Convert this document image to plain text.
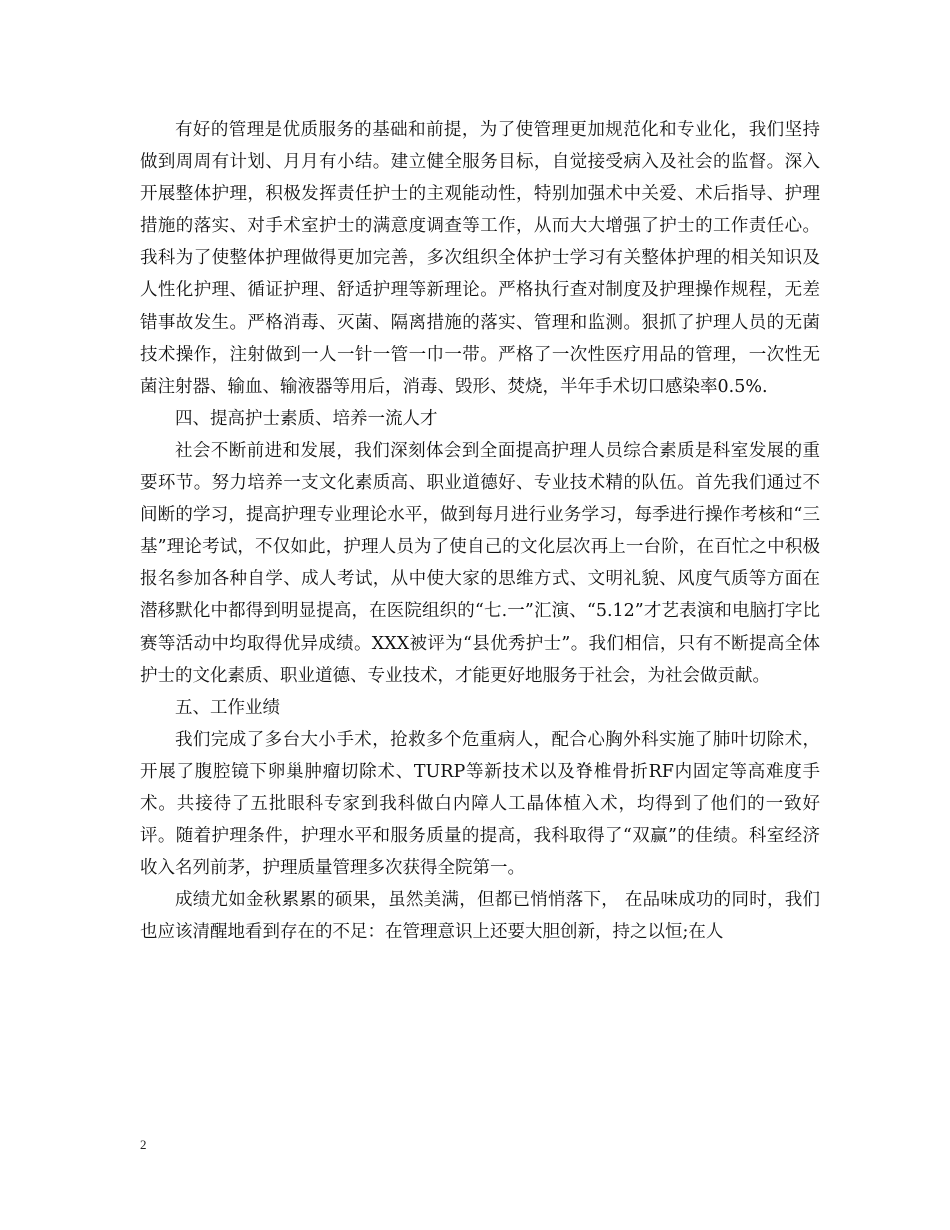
有好的管理是优质服务的基础和前提，为了使管理更加规范化和专业化，我们坚持做到周周有计划、月月有小结。建立健全服务目标，自觉接受病入及社会的监督。深入开展整体护理，积极发挥责任护士的主观能动性，特别加强术中关爱、术后指导、护理措施的落实、对手术室护士的满意度调查等工作，从而大大增强了护士的工作责任心。我科为了使整体护理做得更加完善，多次组织全体护士学习有关整体护理的相关知识及人性化护理、循证护理、舒适护理等新理论。严格执行查对制度及护理操作规程，无差错事故发生。严格消毒、灭菌、隔离措施的落实、管理和监测。狠抓了护理人员的无菌技术操作，注射做到一人一针一管一巾一带。严格了一次性医疗用品的管理，一次性无菌注射器、输血、输液器等用后，消毒、毁形、焚烧，半年手术切口感染率0.5%.

四、提高护士素质、培养一流人才

社会不断前进和发展，我们深刻体会到全面提高护理人员综合素质是科室发展的重要环节。努力培养一支文化素质高、职业道德好、专业技术精的队伍。首先我们通过不间断的学习，提高护理专业理论水平，做到每月进行业务学习，每季进行操作考核和“三基”理论考试，不仅如此，护理人员为了使自己的文化层次再上一台阶，在百忙之中积极报名参加各种自学、成人考试，从中使大家的思维方式、文明礼貌、风度气质等方面在潜移默化中都得到明显提高，在医院组织的“七.一”汇演、“5.12”才艺表演和电脑打字比赛等活动中均取得优异成绩。XXX被评为“县优秀护士”。我们相信，只有不断提高全体护士的文化素质、职业道德、专业技术，才能更好地服务于社会，为社会做贡献。

五、工作业绩

我们完成了多台大小手术，抢救多个危重病人，配合心胸外科实施了肺叶切除术，开展了腹腔镜下卵巢肿瘤切除术、TURP等新技术以及脊椎骨折RF内固定等高难度手术。共接待了五批眼科专家到我科做白内障人工晶体植入术，均得到了他们的一致好评。随着护理条件，护理水平和服务质量的提高，我科取得了“双赢”的佳绩。科室经济收入名列前茅，护理质量管理多次获得全院第一。

成绩尤如金秋累累的硕果，虽然美满，但都已悄悄落下， 在品味成功的同时，我们也应该清醒地看到存在的不足：在管理意识上还要大胆创新，持之以恒;在人

2
